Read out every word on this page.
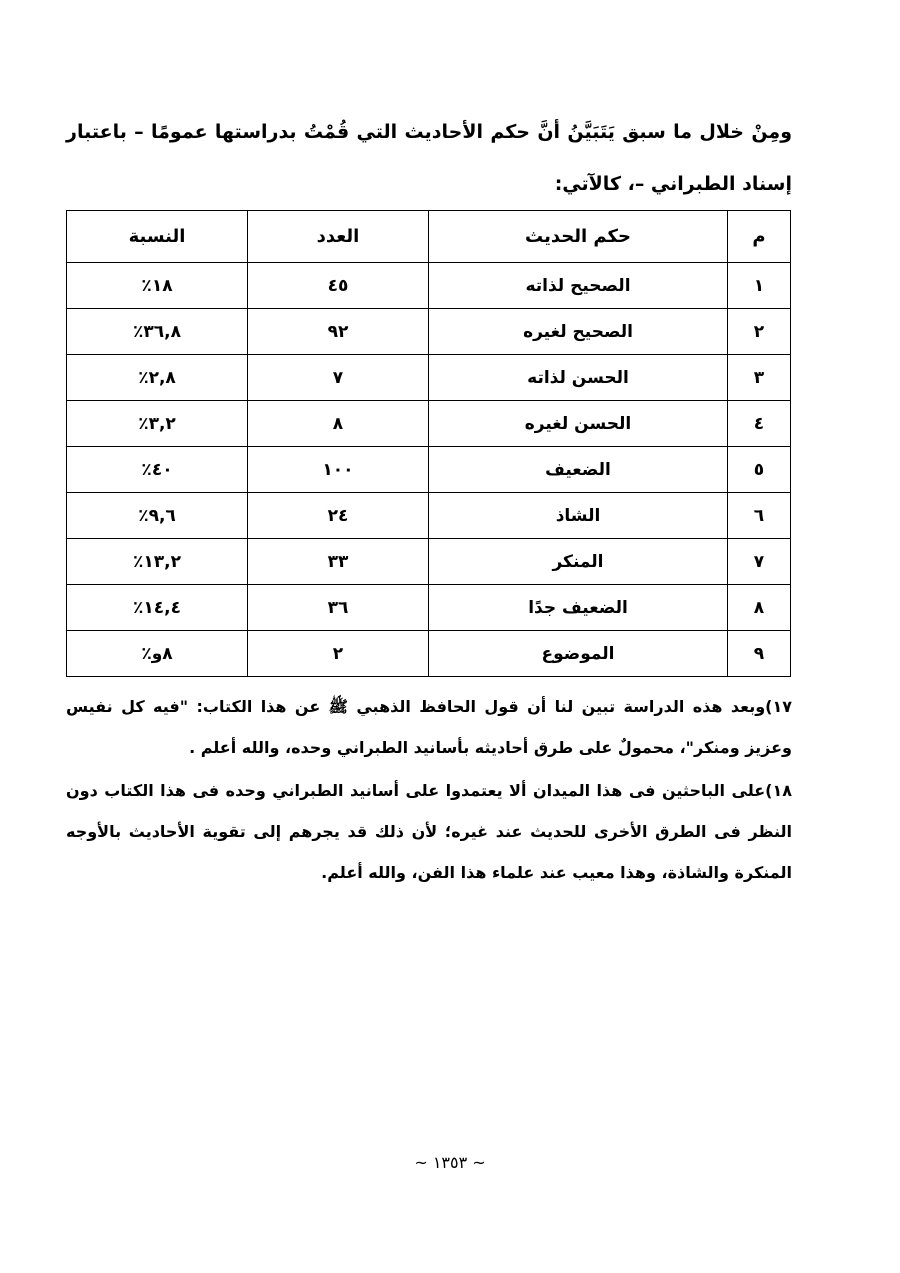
ومِنْ خلال ما سبق يَتَبَيَّنُ أنَّ حكم الأحاديث التي قُمْتُ بدراستها عمومًا – باعتبار إسناد الطبراني –، كالآتي:
م	حكم الحديث	العدد	النسبة
١	الصحيح لذاته	٤٥	١٨٪
٢	الصحيح لغيره	٩٢	٣٦,٨٪
٣	الحسن لذاته	٧	٢,٨٪
٤	الحسن لغيره	٨	٣,٢٪
٥	الضعيف	١٠٠	٤٠٪
٦	الشاذ	٢٤	٩,٦٪
٧	المنكر	٣٣	١٣,٢٪
٨	الضعيف جدًا	٣٦	١٤,٤٪
٩	الموضوع	٢	٨و٪

١٧)وبعد هذه الدراسة تبين لنا أن قول الحافظ الذهبي ﷺ عن هذا الكتاب: "فيه كل نفيس وعزيز ومنكر"، محمولٌ على طرق أحاديثه بأسانيد الطبراني وحده، والله أعلم .

١٨)على الباحثين فى هذا الميدان ألا يعتمدوا على أسانيد الطبراني وحده فى هذا الكتاب دون النظر فى الطرق الأخرى للحديث عند غيره؛ لأن ذلك قد يجرهم إلى تقوية الأحاديث بالأوجه المنكرة والشاذة، وهذا معيب عند علماء هذا الفن، والله أعلم.

~ ١٣٥٣ ~
